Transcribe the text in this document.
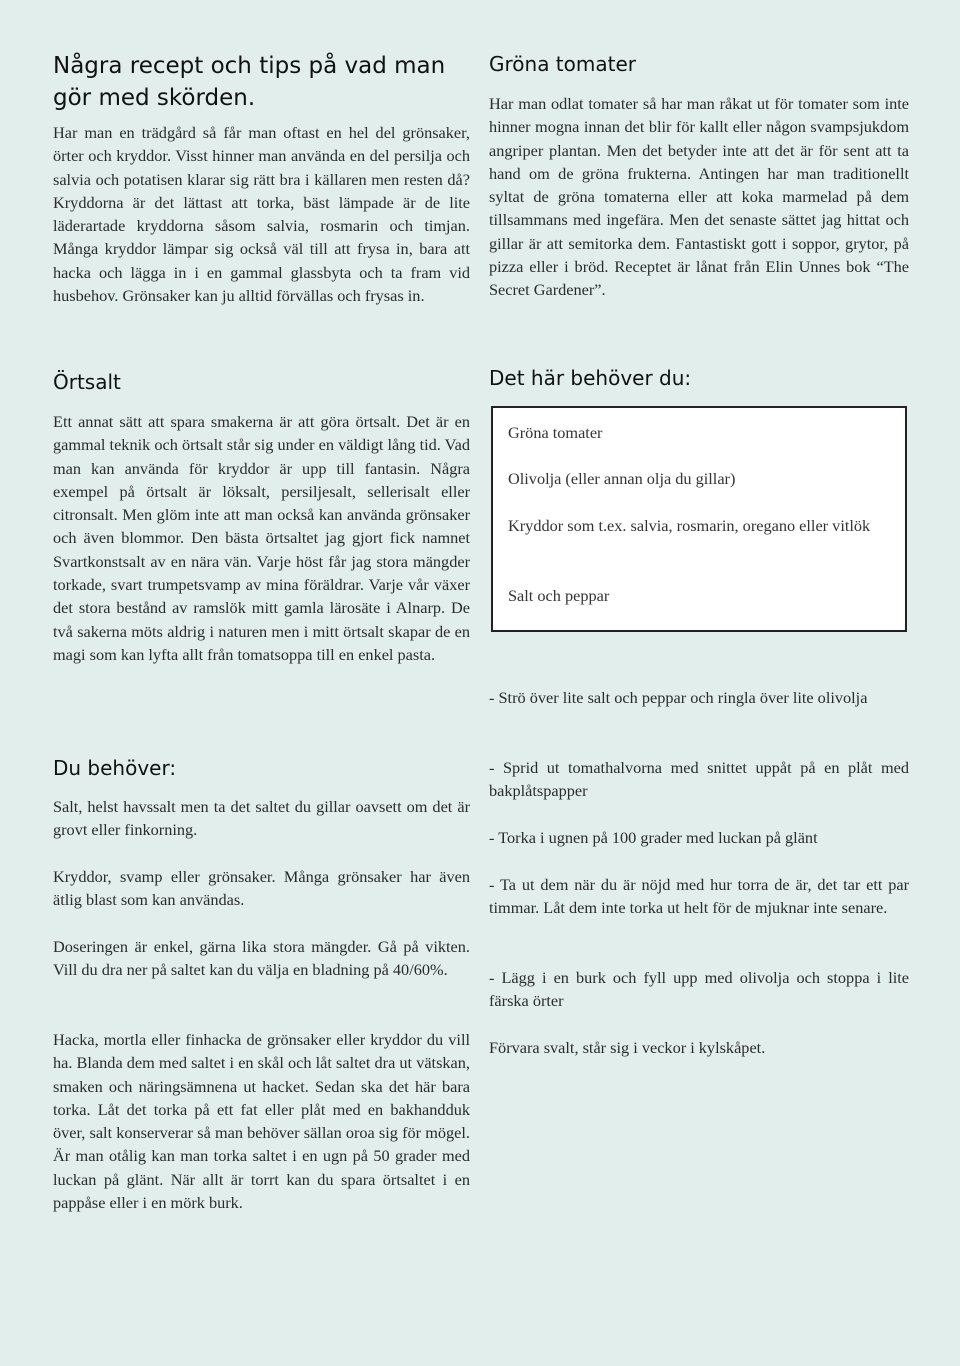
Några recept och tips på vad man gör med skörden.

Har man en trädgård så får man oftast en hel del grönsaker, örter och kryddor. Visst hinner man använda en del persilja och salvia och potatisen klarar sig rätt bra i källaren men resten då? Kryddorna är det lättast att torka, bäst lämpade är de lite läderartade kryddorna såsom salvia, rosmarin och timjan. Många kryddor lämpar sig också väl till att frysa in, bara att hacka och lägga in i en gammal glassbyta och ta fram vid husbehov. Grönsaker kan ju alltid förvällas och frysas in.

Örtsalt

Ett annat sätt att spara smakerna är att göra örtsalt. Det är en gammal teknik och örtsalt står sig under en väldigt lång tid. Vad man kan använda för kryddor är upp till fantasin. Några exempel på örtsalt är löksalt, persiljesalt, sellerisalt eller citronsalt. Men glöm inte att man också kan använda grönsaker och även blommor. Den bästa örtsaltet jag gjort fick namnet Svartkonstsalt av en nära vän. Varje höst får jag stora mängder torkade, svart trumpetsvamp av mina föräldrar. Varje vår växer det stora bestånd av ramslök mitt gamla lärosäte i Alnarp. De två sakerna möts aldrig i naturen men i mitt örtsalt skapar de en magi som kan lyfta allt från tomatsoppa till en enkel pasta.

Du behöver:

Salt, helst havssalt men ta det saltet du gillar oavsett om det är grovt eller finkorning.

Kryddor, svamp eller grönsaker. Många grönsaker har även ätlig blast som kan användas.

Doseringen är enkel, gärna lika stora mängder. Gå på vikten. Vill du dra ner på saltet kan du välja en bladning på 40/60%.

Hacka, mortla eller finhacka de grönsaker eller kryddor du vill ha. Blanda dem med saltet i en skål och låt saltet dra ut vätskan, smaken och näringsämnena ut hacket. Sedan ska det här bara torka. Låt det torka på ett fat eller plåt med en bakhandduk över, salt konserverar så man behöver sällan oroa sig för mögel. Är man otålig kan man torka saltet i en ugn på 50 grader med luckan på glänt. När allt är torrt kan du spara örtsaltet i en pappåse eller i en mörk burk.

Gröna tomater

Har man odlat tomater så har man råkat ut för tomater som inte hinner mogna innan det blir för kallt eller någon svampsjukdom angriper plantan. Men det betyder inte att det är för sent att ta hand om de gröna frukterna. Antingen har man traditionellt syltat de gröna tomaterna eller att koka marmelad på dem tillsammans med ingefära. Men det senaste sättet jag hittat och gillar är att semitorka dem. Fantastiskt gott i soppor, grytor, på pizza eller i bröd. Receptet är lånat från Elin Unnes bok “The Secret Gardener”.

Det här behöver du:
Gröna tomater
Olivolja (eller annan olja du gillar)
Kryddor som t.ex. salvia, rosmarin, oregano eller vitlök
Salt och peppar

- Strö över lite salt och peppar och ringla över lite olivolja

- Sprid ut tomathalvorna med snittet uppåt på en plåt med bakplåtspapper

- Torka i ugnen på 100 grader med luckan på glänt

- Ta ut dem när du är nöjd med hur torra de är, det tar ett par timmar. Låt dem inte torka ut helt för de mjuknar inte senare.

- Lägg i en burk och fyll upp med olivolja och stoppa i lite färska örter

Förvara svalt, står sig i veckor i kylskåpet.
